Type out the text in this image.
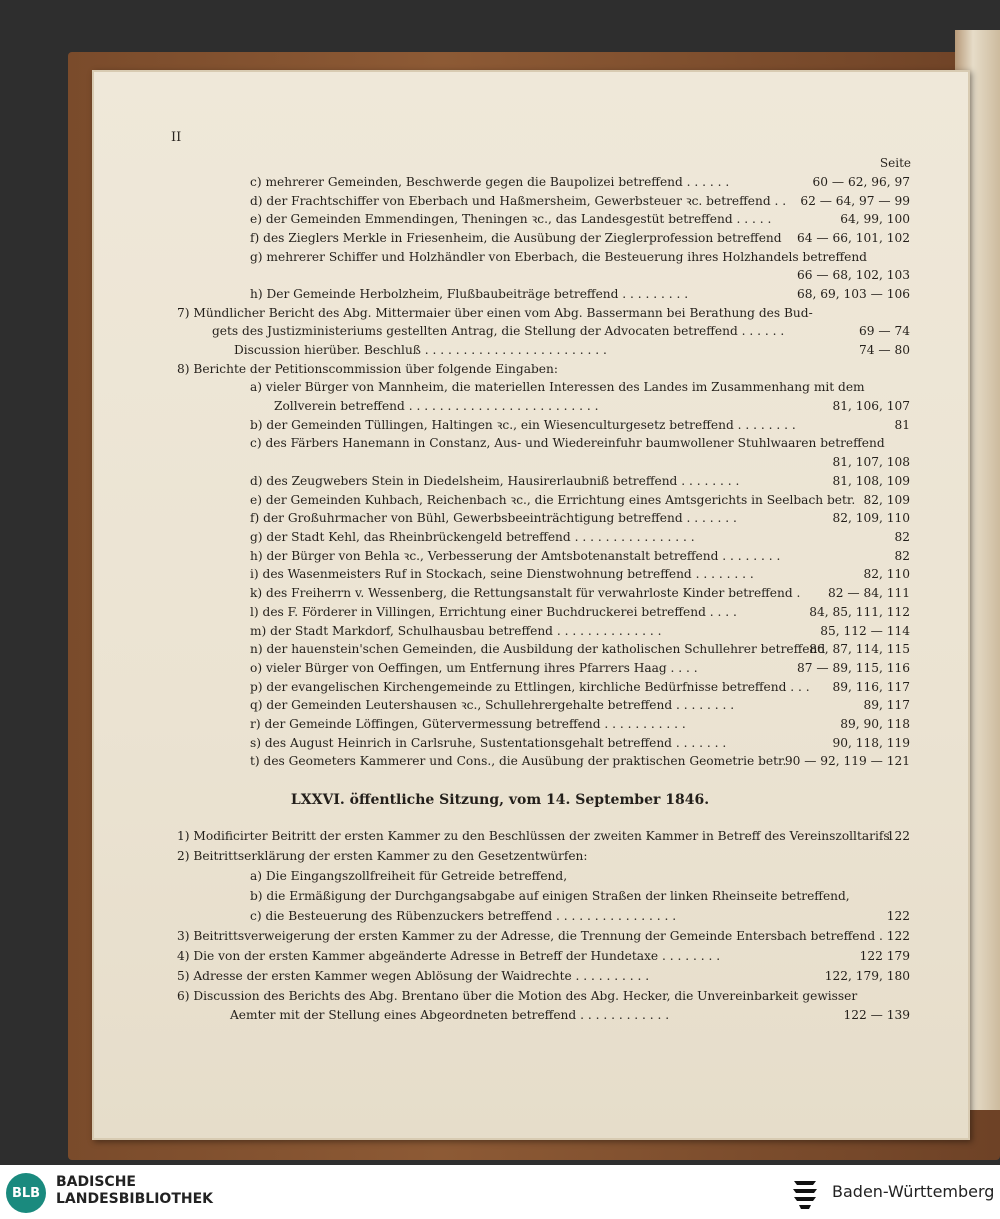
II
Seite
c) mehrerer Gemeinden, Beschwerde gegen die Baupolizei betreffend . . . . . .	60 — 62, 96, 97
d) der Frachtschiffer von Eberbach und Haßmersheim, Gewerbsteuer ꝛc. betreffend . . 62 — 64, 97 — 99
e) der Gemeinden Emmendingen, Theningen ꝛc., das Landesgestüt betreffend . . . . .	64, 99, 100
f) des Zieglers Merkle in Friesenheim, die Ausübung der Zieglerprofession betreffend 64 — 66, 101, 102
g) mehrerer Schiffer und Holzhändler von Eberbach, die Besteuerung ihres Holzhandels betreffend
66 — 68, 102, 103
h) Der Gemeinde Herbolzheim, Flußbaubeiträge betreffend . . . . . . . . .	68, 69, 103 — 106
7) Mündlicher Bericht des Abg. Mittermaier über einen vom Abg. Bassermann bei Berathung des Bud-
gets des Justizministeriums gestellten Antrag, die Stellung der Advocaten betreffend . . . . . .	69 — 74
Discussion hierüber. Beschluß . . . . . . . . . . . . . . . . . . . . . . . .	74 — 80
8) Berichte der Petitionscommission über folgende Eingaben:
a) vieler Bürger von Mannheim, die materiellen Interessen des Landes im Zusammenhang mit dem
Zollverein betreffend . . . . . . . . . . . . . . . . . . . . . . . . .	81, 106, 107
b) der Gemeinden Tüllingen, Haltingen ꝛc., ein Wiesenculturgesetz betreffend . . . . . . . .	81
c) des Färbers Hanemann in Constanz, Aus- und Wiedereinfuhr baumwollener Stuhlwaaren betreffend
81, 107, 108
d) des Zeugwebers Stein in Diedelsheim, Hausirerlaubniß betreffend . . . . . . . .	81, 108, 109
e) der Gemeinden Kuhbach, Reichenbach ꝛc., die Errichtung eines Amtsgerichts in Seelbach betr. 82, 109
f) der Großuhrmacher von Bühl, Gewerbsbeeinträchtigung betreffend . . . . . . .	82, 109, 110
g) der Stadt Kehl, das Rheinbrückengeld betreffend . . . . . . . . . . . . . . . .	82
h) der Bürger von Behla ꝛc., Verbesserung der Amtsbotenanstalt betreffend . . . . . . . .	82
i) des Wasenmeisters Ruf in Stockach, seine Dienstwohnung betreffend . . . . . . . .	82, 110
k) des Freiherrn v. Wessenberg, die Rettungsanstalt für verwahrloste Kinder betreffend . 82 — 84, 111
l) des F. Förderer in Villingen, Errichtung einer Buchdruckerei betreffend . . . .	84, 85, 111, 112
m) der Stadt Markdorf, Schulhausbau betreffend . . . . . . . . . . . . . .	85, 112 — 114
n) der hauenstein'schen Gemeinden, die Ausbildung der katholischen Schullehrer betreffend
86, 87, 114, 115
o) vieler Bürger von Oeffingen, um Entfernung ihres Pfarrers Haag . . . .	87 — 89, 115, 116
p) der evangelischen Kirchengemeinde zu Ettlingen, kirchliche Bedürfnisse betreffend . . . 89, 116, 117
q) der Gemeinden Leutershausen ꝛc., Schullehrergehalte betreffend . . . . . . . .	89, 117
r) der Gemeinde Löffingen, Gütervermessung betreffend . . . . . . . . . . .	89, 90, 118
s) des August Heinrich in Carlsruhe, Sustentationsgehalt betreffend . . . . . . .	90, 118, 119
t) des Geometers Kammerer und Cons., die Ausübung der praktischen Geometrie betr.
90 — 92, 119 — 121
1) Modificirter Beitritt der ersten Kammer zu den Beschlüssen der zweiten Kammer in Betreff des Vereinszolltarifs
122
2) Beitrittserklärung der ersten Kammer zu den Gesetzentwürfen:
a) Die Eingangszollfreiheit für Getreide betreffend,
b) die Ermäßigung der Durchgangsabgabe auf einigen Straßen der linken Rheinseite betreffend,
c) die Besteuerung des Rübenzuckers betreffend . . . . . . . . . . . . . . . .	122
3) Beitrittsverweigerung der ersten Kammer zu der Adresse, die Trennung der Gemeinde Entersbach betreffend . 122
4) Die von der ersten Kammer abgeänderte Adresse in Betreff der Hundetaxe . . . . . . . .	122 179
5) Adresse der ersten Kammer wegen Ablösung der Waidrechte . . . . . . . . . .	122, 179, 180
6) Discussion des Berichts des Abg. Brentano über die Motion des Abg. Hecker, die Unvereinbarkeit gewisser
Aemter mit der Stellung eines Abgeordneten betreffend . . . . . . . . . . . .	122 — 139
LXXVI. öffentliche Sitzung, vom 14. September 1846.
BLB
BADISCHE
LANDESBIBLIOTHEK	Baden-Württemberg
